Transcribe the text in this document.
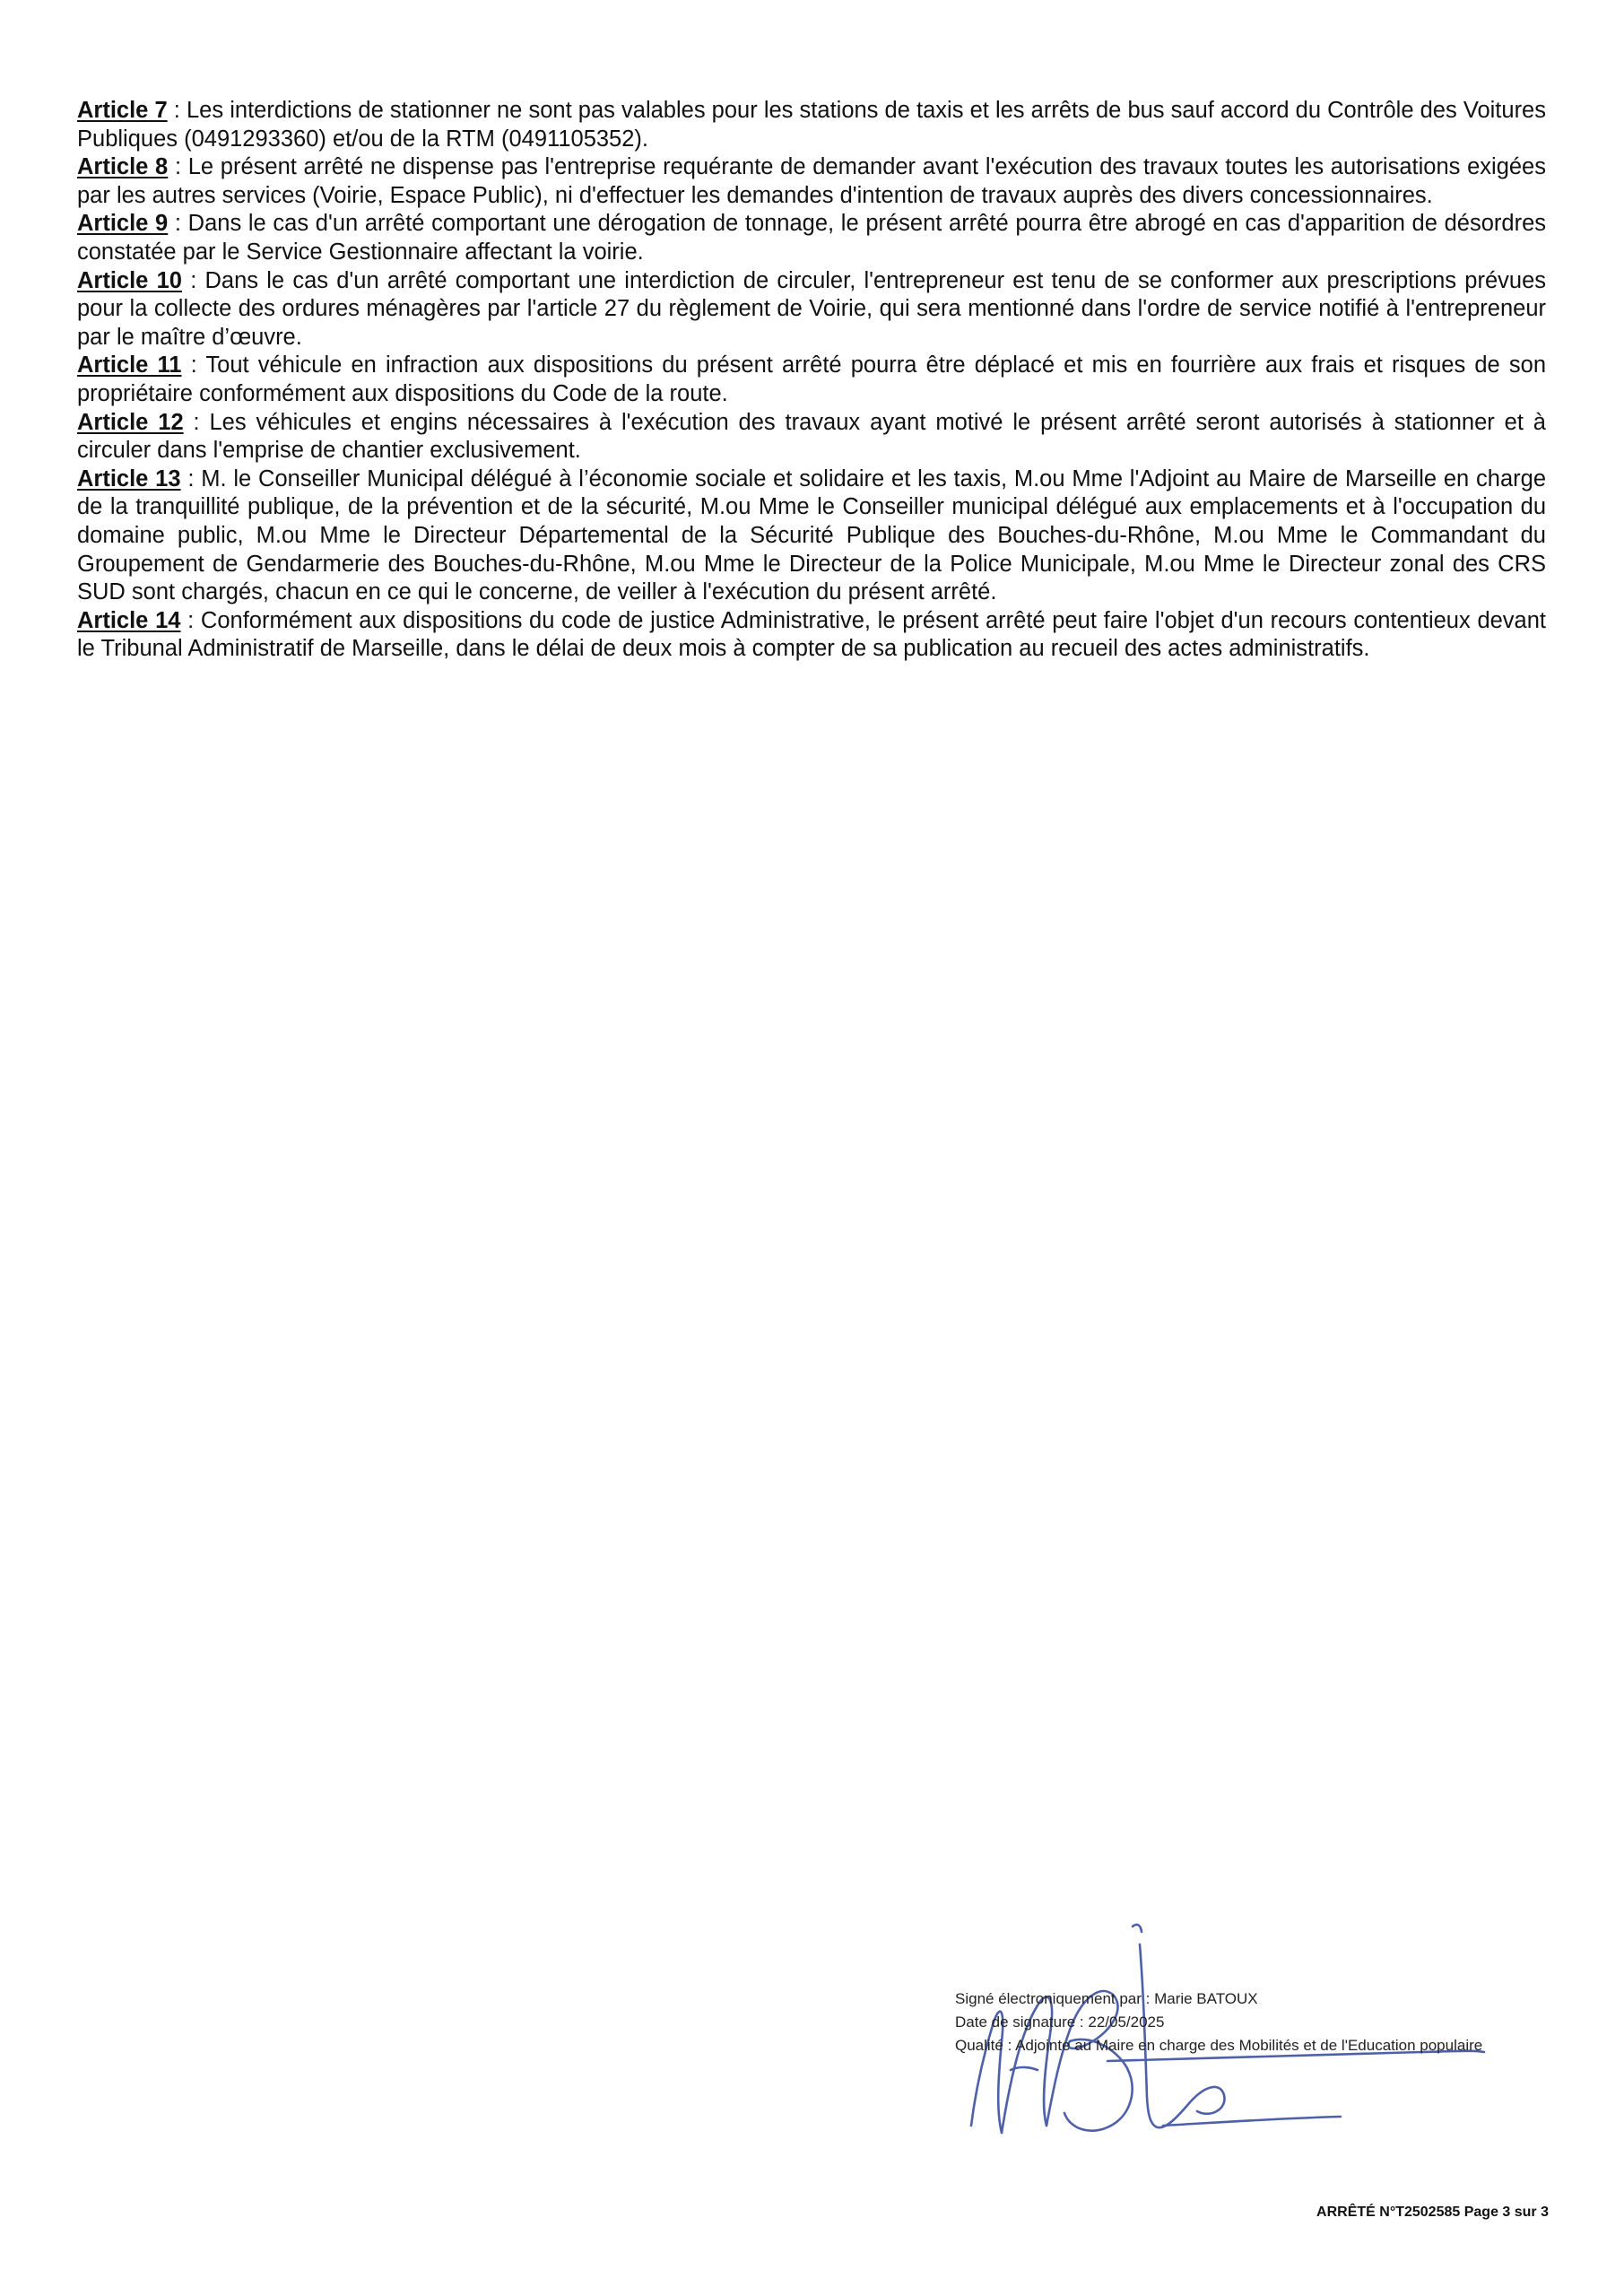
Article 7 : Les interdictions de stationner ne sont pas valables pour les stations de taxis et les arrêts de bus sauf accord du Contrôle des Voitures Publiques (0491293360) et/ou de la RTM (0491105352).

Article 8 : Le présent arrêté ne dispense pas l'entreprise requérante de demander avant l'exécution des travaux toutes les autorisations exigées par les autres services (Voirie, Espace Public), ni d'effectuer les demandes d'intention de travaux auprès des divers concessionnaires.

Article 9 : Dans le cas d'un arrêté comportant une dérogation de tonnage, le présent arrêté pourra être abrogé en cas d'apparition de désordres constatée par le Service Gestionnaire affectant la voirie.

Article 10 : Dans le cas d'un arrêté comportant une interdiction de circuler, l'entrepreneur est tenu de se conformer aux prescriptions prévues pour la collecte des ordures ménagères par l'article 27 du règlement de Voirie, qui sera mentionné dans l'ordre de service notifié à l'entrepreneur par le maître d’œuvre.

Article 11 : Tout véhicule en infraction aux dispositions du présent arrêté pourra être déplacé et mis en fourrière aux frais et risques de son propriétaire conformément aux dispositions du Code de la route.

Article 12 : Les véhicules et engins nécessaires à l'exécution des travaux ayant motivé le présent arrêté seront autorisés à stationner et à circuler dans l'emprise de chantier exclusivement.

Article 13 : M. le Conseiller Municipal délégué à l’économie sociale et solidaire et les taxis, M.ou Mme l'Adjoint au Maire de Marseille en charge de la tranquillité publique, de la prévention et de la sécurité, M.ou Mme le Conseiller municipal délégué aux emplacements et à l'occupation du domaine public, M.ou Mme le Directeur Départemental de la Sécurité Publique des Bouches-du-Rhône, M.ou Mme le Commandant du Groupement de Gendarmerie des Bouches-du-Rhône, M.ou Mme le Directeur de la Police Municipale, M.ou Mme le Directeur zonal des CRS SUD sont chargés, chacun en ce qui le concerne, de veiller à l'exécution du présent arrêté.

Article 14 : Conformément aux dispositions du code de justice Administrative, le présent arrêté peut faire l'objet d'un recours contentieux devant le Tribunal Administratif de Marseille, dans le délai de deux mois à compter de sa publication au recueil des actes administratifs.

Signé électroniquement par : Marie BATOUX
Date de signature : 22/05/2025
Qualité : Adjointe au Maire en charge des Mobilités et de l'Education populaire
ARRÊTÉ N°T2502585 Page 3 sur 3
